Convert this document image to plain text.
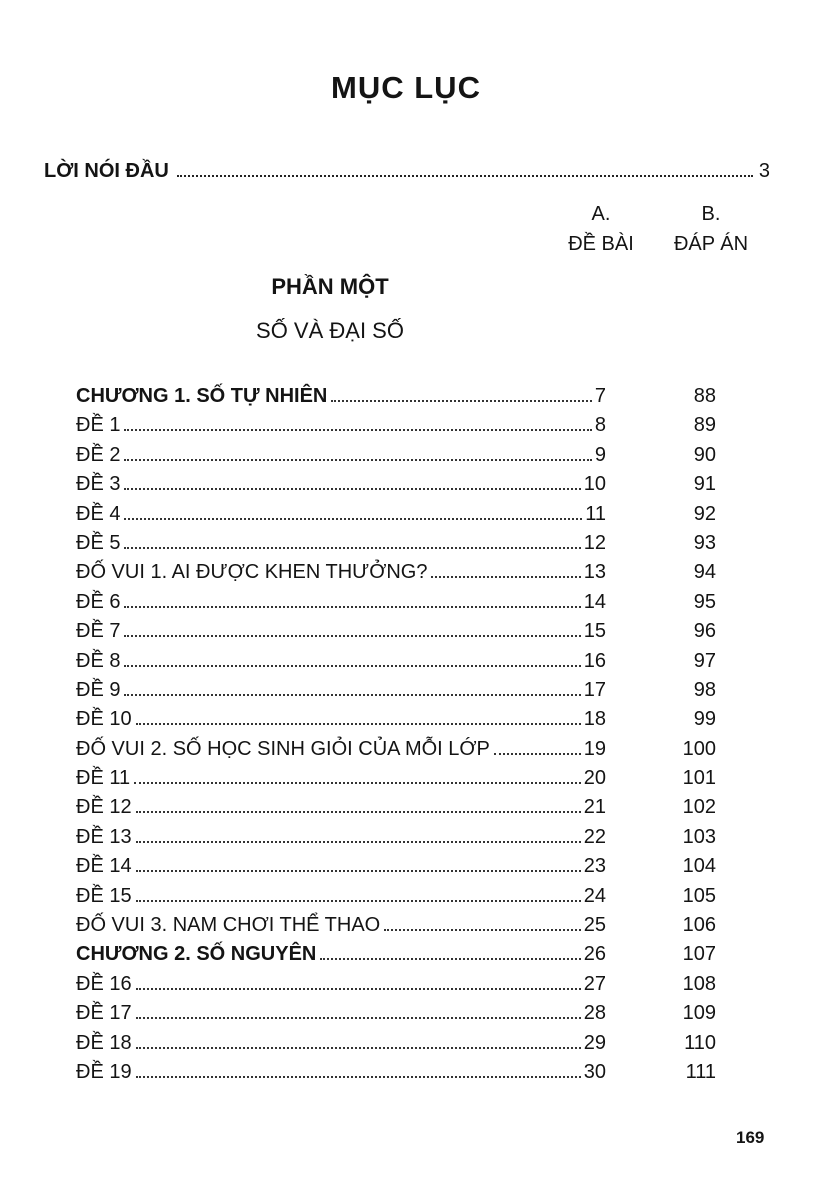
MỤC LỤC
LỜI NÓI ĐẦU	3
A.
ĐỀ BÀI
B.
ĐÁP ÁN
PHẦN MỘT
SỐ VÀ ĐẠI SỐ
CHƯƠNG 1. SỐ TỰ NHIÊN	7	88
ĐỀ 1	8	89
ĐỀ 2	9	90
ĐỀ 3	10	91
ĐỀ 4	11	92
ĐỀ 5	12	93
ĐỐ VUI 1. AI ĐƯỢC KHEN THƯỞNG?	13	94
ĐỀ 6	14	95
ĐỀ 7	15	96
ĐỀ 8	16	97
ĐỀ 9	17	98
ĐỀ 10	18	99
ĐỐ VUI 2. SỐ HỌC SINH GIỎI CỦA MỖI LỚP	19	100
ĐỀ 11	20	101
ĐỀ 12	21	102
ĐỀ 13	22	103
ĐỀ 14	23	104
ĐỀ 15	24	105
ĐỐ VUI 3. NAM CHƠI THỂ THAO	25	106
CHƯƠNG 2. SỐ NGUYÊN	26	107
ĐỀ 16	27	108
ĐỀ 17	28	109
ĐỀ 18	29	110
ĐỀ 19	30	111
169
